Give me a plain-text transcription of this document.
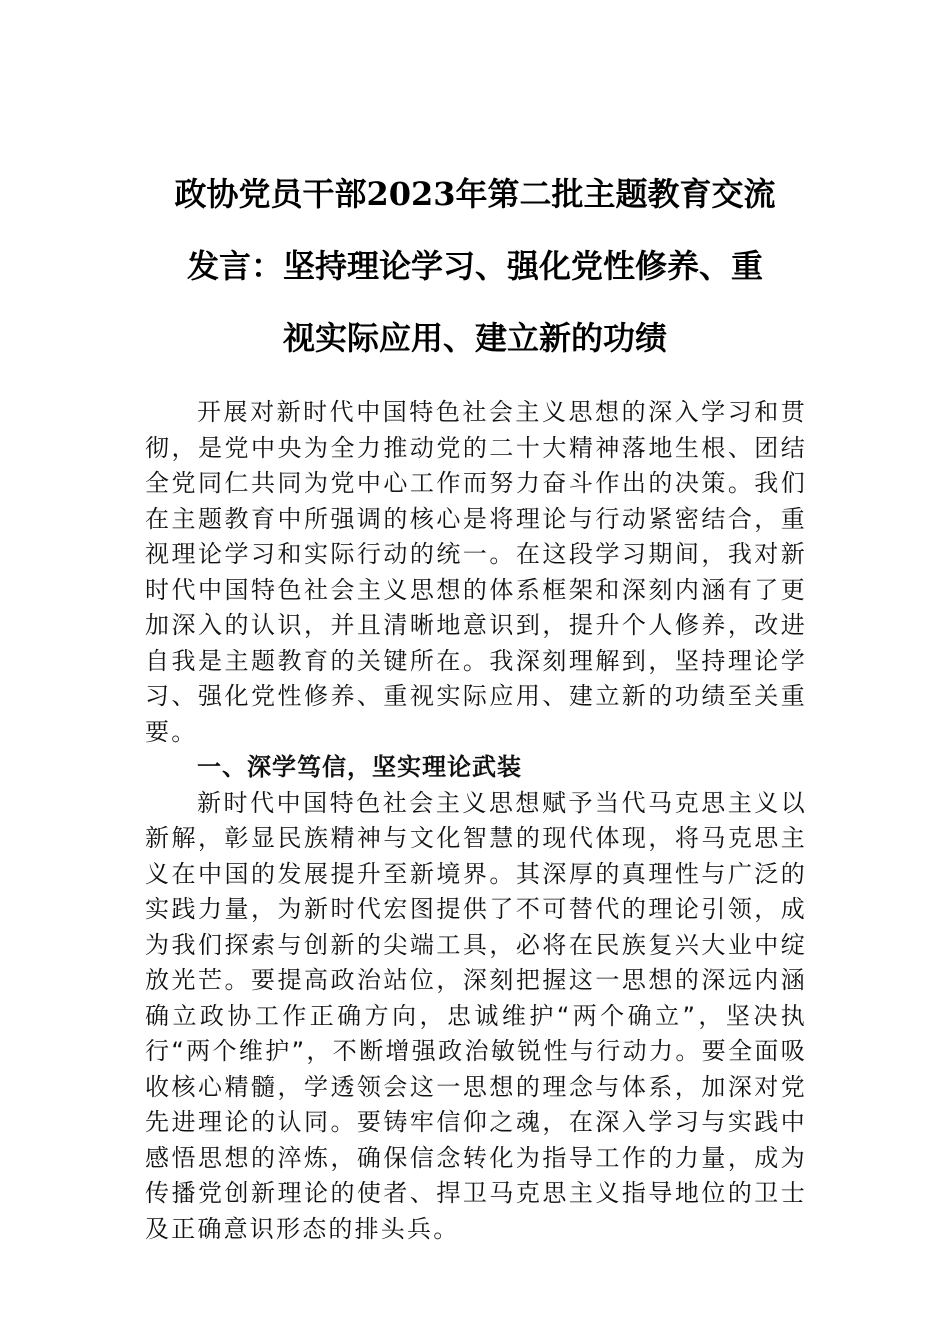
政协党员干部2023年第二批主题教育交流
发言：坚持理论学习、强化党性修养、重
视实际应用、建立新的功绩

开展对新时代中国特色社会主义思想的深入学习和贯彻，是党中央为全力推动党的二十大精神落地生根、团结全党同仁共同为党中心工作而努力奋斗作出的决策。我们在主题教育中所强调的核心是将理论与行动紧密结合，重视理论学习和实际行动的统一。在这段学习期间，我对新时代中国特色社会主义思想的体系框架和深刻内涵有了更加深入的认识，并且清晰地意识到，提升个人修养，改进自我是主题教育的关键所在。我深刻理解到，坚持理论学习、强化党性修养、重视实际应用、建立新的功绩至关重要。

一、深学笃信，坚实理论武装

新时代中国特色社会主义思想赋予当代马克思主义以新解，彰显民族精神与文化智慧的现代体现，将马克思主义在中国的发展提升至新境界。其深厚的真理性与广泛的实践力量，为新时代宏图提供了不可替代的理论引领，成为我们探索与创新的尖端工具，必将在民族复兴大业中绽放光芒。要提高政治站位，深刻把握这一思想的深远内涵确立政协工作正确方向，忠诚维护“两个确立”，坚决执行“两个维护”，不断增强政治敏锐性与行动力。要全面吸收核心精髓，学透领会这一思想的理念与体系，加深对党先进理论的认同。要铸牢信仰之魂，在深入学习与实践中感悟思想的淬炼，确保信念转化为指导工作的力量，成为传播党创新理论的使者、捍卫马克思主义指导地位的卫士及正确意识形态的排头兵。
